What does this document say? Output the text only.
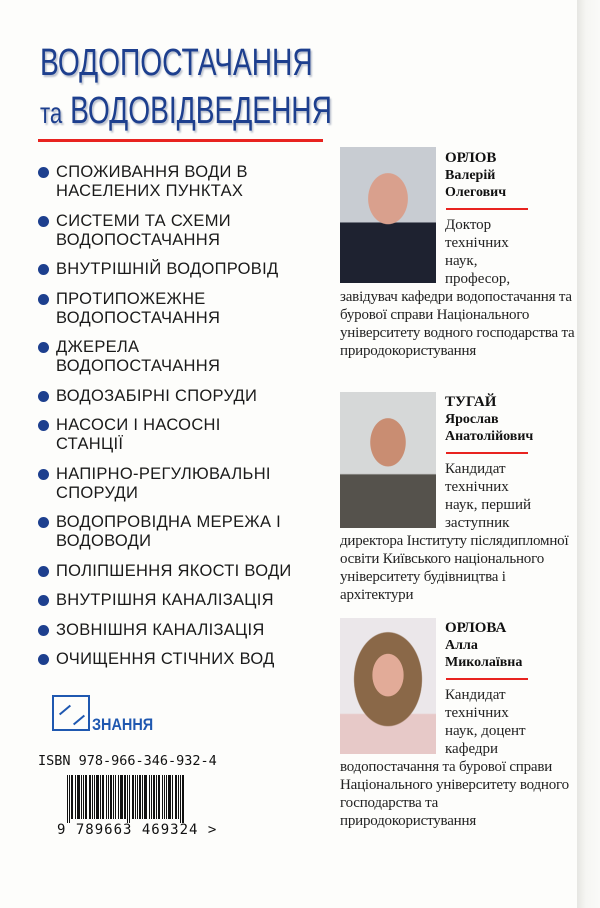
ВОДОПОСТАЧАННЯ
та ВОДОВІДВЕДЕННЯ
СПОЖИВАННЯ ВОДИ В НАСЕЛЕНИХ ПУНКТАХ
СИСТЕМИ ТА СХЕМИ ВОДОПОСТАЧАННЯ
ВНУТРІШНІЙ ВОДОПРОВІД
ПРОТИПОЖЕЖНЕ ВОДОПОСТАЧАННЯ
ДЖЕРЕЛА ВОДОПОСТАЧАННЯ
ВОДОЗАБІРНІ СПОРУДИ
НАСОСИ І НАСОСНІ СТАНЦІЇ
НАПІРНО-РЕГУЛЮВАЛЬНІ СПОРУДИ
ВОДОПРОВІДНА МЕРЕЖА І ВОДОВОДИ
ПОЛІПШЕННЯ ЯКОСТІ ВОДИ
ВНУТРІШНЯ КАНАЛІЗАЦІЯ
ЗОВНІШНЯ КАНАЛІЗАЦІЯ
ОЧИЩЕННЯ СТІЧНИХ ВОД
ОРЛОВ
Валерій
Олегович
Доктор
технічних
наук,
професор,
завідувач кафедри водопостачання та бурової справи Національного університету водного господарства та природокористування
ТУГАЙ
Ярослав
Анатолійович
Кандидат
технічних
наук, перший
заступник
директора Інституту післядипломної освіти Київського національного університету будівництва і архітектури
ОРЛОВА
Алла
Миколаївна
Кандидат
технічних
наук, доцент
кафедри
водопостачання та бурової справи Національного університету водного господарства та природокористування
ЗНАННЯ
ISBN 978-966-346-932-4
9 789663 469324 >
